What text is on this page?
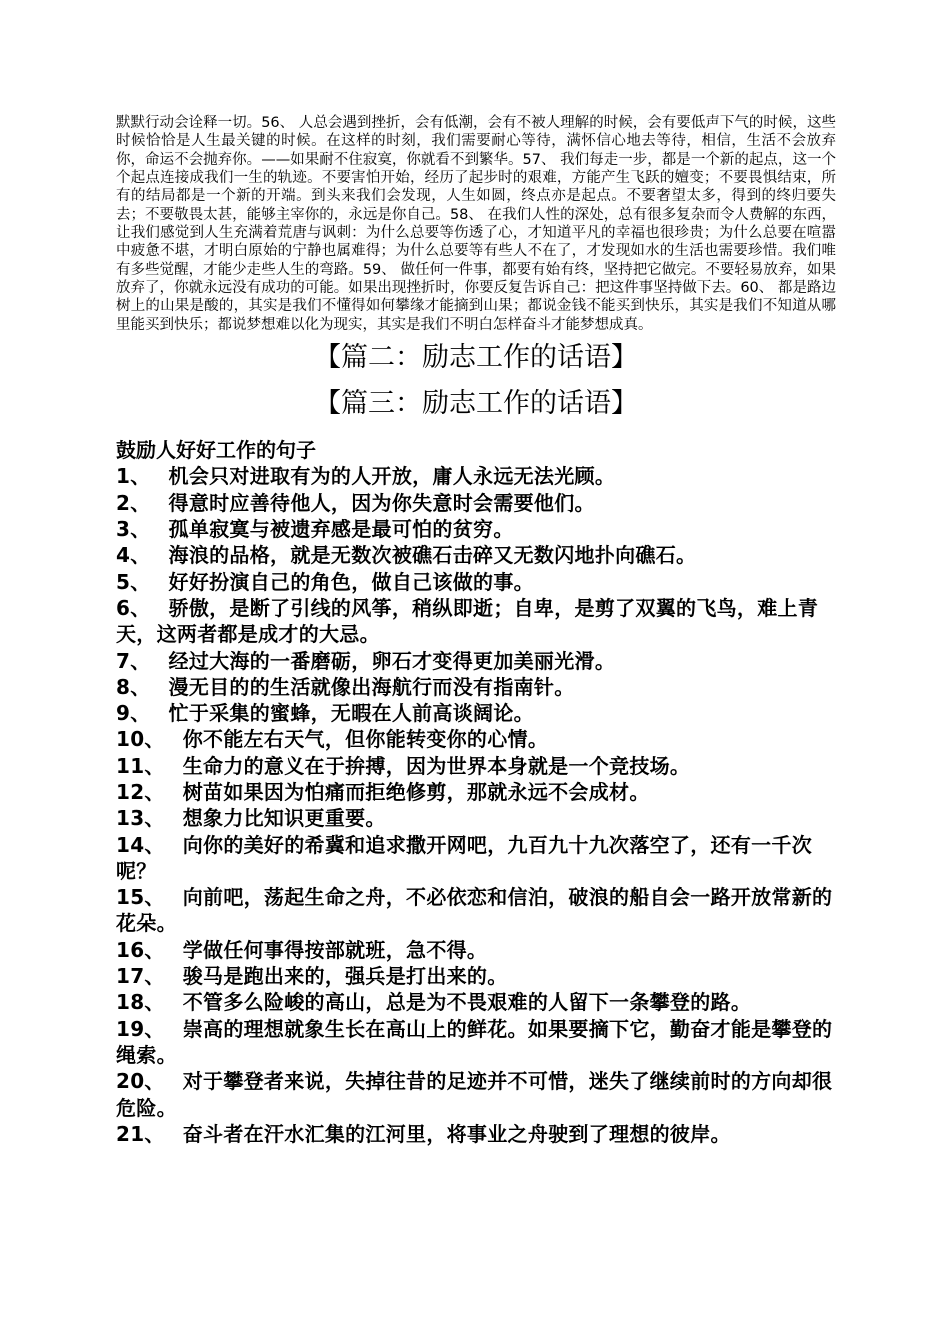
默默行动会诠释一切。56、 人总会遇到挫折，会有低潮，会有不被人理解的时候，会有要低声下气的时候，这些时候恰恰是人生最关键的时候。在这样的时刻，我们需要耐心等待，满怀信心地去等待，相信，生活不会放弃你，命运不会抛弃你。——如果耐不住寂寞，你就看不到繁华。57、 我们每走一步，都是一个新的起点，这一个个起点连接成我们一生的轨迹。不要害怕开始，经历了起步时的艰难，方能产生飞跃的嬗变；不要畏惧结束，所有的结局都是一个新的开端。到头来我们会发现，人生如圆，终点亦是起点。不要奢望太多，得到的终归要失去；不要敬畏太甚，能够主宰你的，永远是你自己。58、 在我们人性的深处，总有很多复杂而令人费解的东西，让我们感觉到人生充满着荒唐与讽刺：为什么总要等伤透了心，才知道平凡的幸福也很珍贵；为什么总要在喧嚣中疲惫不堪，才明白原始的宁静也属难得；为什么总要等有些人不在了，才发现如水的生活也需要珍惜。我们唯有多些觉醒，才能少走些人生的弯路。59、 做任何一件事，都要有始有终，坚持把它做完。不要轻易放弃，如果放弃了，你就永远没有成功的可能。如果出现挫折时，你要反复告诉自己：把这件事坚持做下去。60、 都是路边树上的山果是酸的，其实是我们不懂得如何攀缘才能摘到山果；都说金钱不能买到快乐，其实是我们不知道从哪里能买到快乐；都说梦想难以化为现实，其实是我们不明白怎样奋斗才能梦想成真。

【篇二：励志工作的话语】
【篇三：励志工作的话语】
鼓励人好好工作的句子
1、 机会只对进取有为的人开放，庸人永远无法光顾。
2、 得意时应善待他人，因为你失意时会需要他们。
3、 孤单寂寞与被遗弃感是最可怕的贫穷。
4、 海浪的品格，就是无数次被礁石击碎又无数闪地扑向礁石。
5、 好好扮演自己的角色，做自己该做的事。
6、 骄傲，是断了引线的风筝，稍纵即逝；自卑，是剪了双翼的飞鸟，难上青天，这两者都是成才的大忌。
7、 经过大海的一番磨砺，卵石才变得更加美丽光滑。
8、 漫无目的的生活就像出海航行而没有指南针。
9、 忙于采集的蜜蜂，无暇在人前高谈阔论。
10、 你不能左右天气，但你能转变你的心情。
11、 生命力的意义在于拚搏，因为世界本身就是一个竞技场。
12、 树苗如果因为怕痛而拒绝修剪，那就永远不会成材。
13、 想象力比知识更重要。
14、 向你的美好的希冀和追求撒开网吧，九百九十九次落空了，还有一千次呢？
15、 向前吧，荡起生命之舟，不必依恋和信泊，破浪的船自会一路开放常新的花朵。
16、 学做任何事得按部就班，急不得。
17、 骏马是跑出来的，强兵是打出来的。
18、 不管多么险峻的高山，总是为不畏艰难的人留下一条攀登的路。
19、 崇高的理想就象生长在高山上的鲜花。如果要摘下它，勤奋才能是攀登的绳索。
20、 对于攀登者来说，失掉往昔的足迹并不可惜，迷失了继续前时的方向却很危险。
21、 奋斗者在汗水汇集的江河里，将事业之舟驶到了理想的彼岸。
